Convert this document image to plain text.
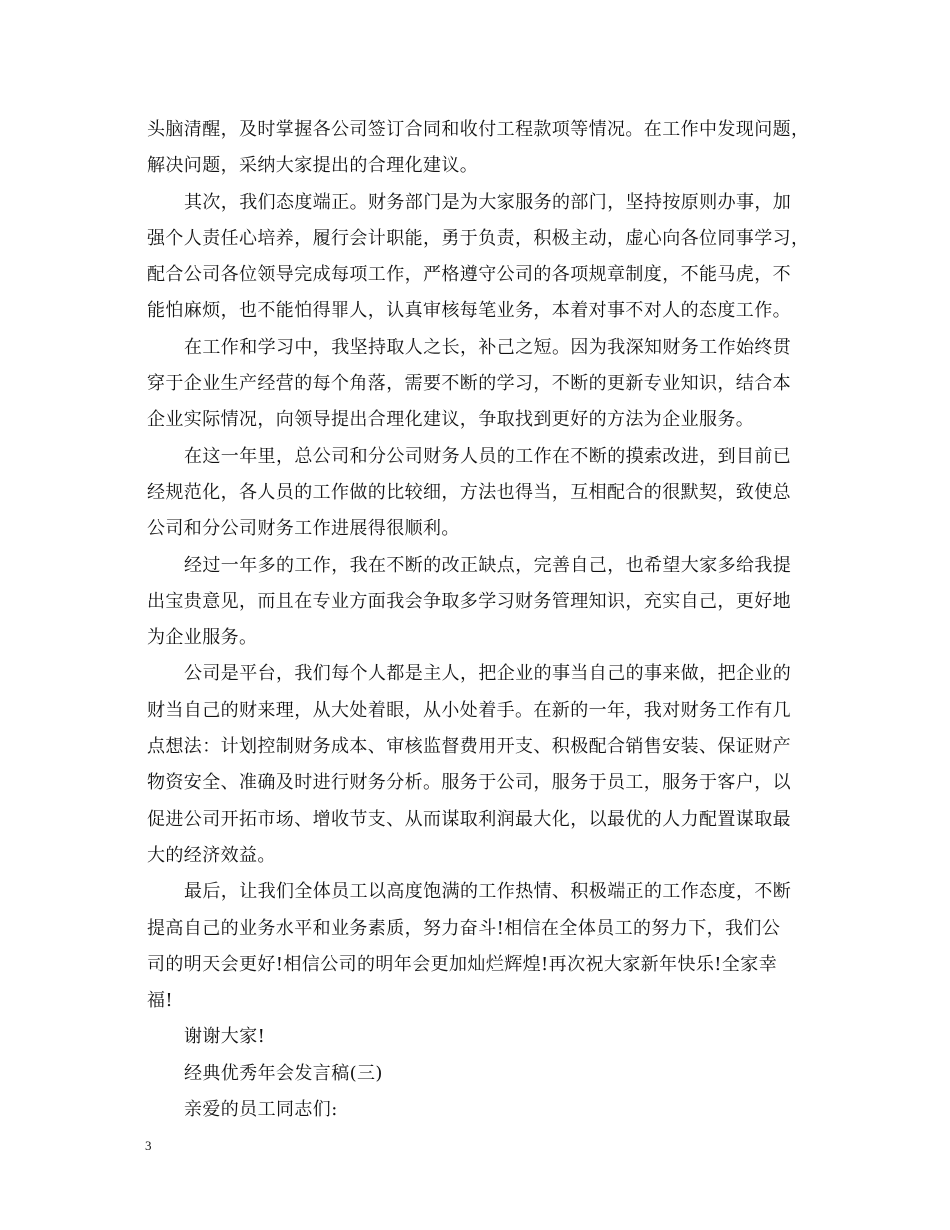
头脑清醒，及时掌握各公司签订合同和收付工程款项等情况。在工作中发现问题，
解决问题，采纳大家提出的合理化建议。
其次，我们态度端正。财务部门是为大家服务的部门，坚持按原则办事，加
强个人责任心培养，履行会计职能，勇于负责，积极主动，虚心向各位同事学习，
配合公司各位领导完成每项工作，严格遵守公司的各项规章制度，不能马虎，不
能怕麻烦，也不能怕得罪人，认真审核每笔业务，本着对事不对人的态度工作。
在工作和学习中，我坚持取人之长，补己之短。因为我深知财务工作始终贯
穿于企业生产经营的每个角落，需要不断的学习，不断的更新专业知识，结合本
企业实际情况，向领导提出合理化建议，争取找到更好的方法为企业服务。
在这一年里，总公司和分公司财务人员的工作在不断的摸索改进，到目前已
经规范化，各人员的工作做的比较细，方法也得当，互相配合的很默契，致使总
公司和分公司财务工作进展得很顺利。
经过一年多的工作，我在不断的改正缺点，完善自己，也希望大家多给我提
出宝贵意见，而且在专业方面我会争取多学习财务管理知识，充实自己，更好地
为企业服务。
公司是平台，我们每个人都是主人，把企业的事当自己的事来做，把企业的
财当自己的财来理，从大处着眼，从小处着手。在新的一年，我对财务工作有几
点想法：计划控制财务成本、审核监督费用开支、积极配合销售安装、保证财产
物资安全、准确及时进行财务分析。服务于公司，服务于员工，服务于客户，以
促进公司开拓市场、增收节支、从而谋取利润最大化，以最优的人力配置谋取最
大的经济效益。
最后，让我们全体员工以高度饱满的工作热情、积极端正的工作态度，不断
提高自己的业务水平和业务素质，努力奋斗!相信在全体员工的努力下，我们公
司的明天会更好!相信公司的明年会更加灿烂辉煌!再次祝大家新年快乐!全家幸
福!
谢谢大家!
经典优秀年会发言稿(三)
亲爱的员工同志们:
3
